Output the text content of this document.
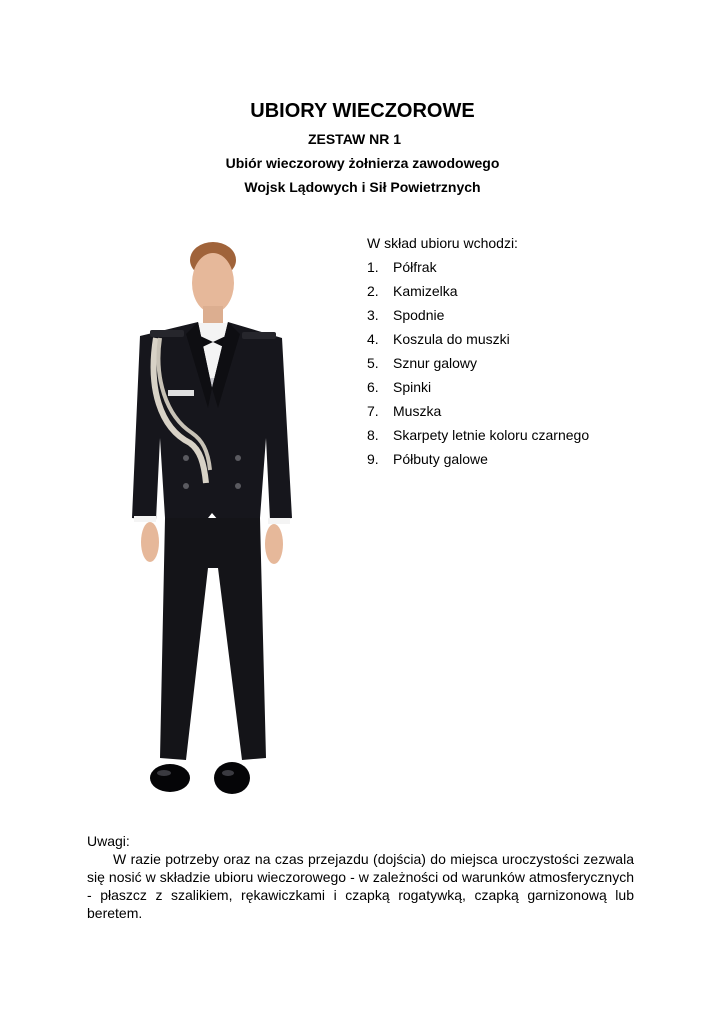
UBIORY WIECZOROWE
ZESTAW NR 1
Ubiór wieczorowy żołnierza zawodowego
Wojsk Lądowych i Sił Powietrznych
W skład ubioru wchodzi:
1.	Półfrak
2.	Kamizelka
3.	Spodnie
4.	Koszula do muszki
5.	Sznur galowy
6.	Spinki
7.	Muszka
8.	Skarpety letnie koloru czarnego
9.	Półbuty galowe
Uwagi:

W razie potrzeby oraz na czas przejazdu (dojścia) do miejsca uroczystości zezwala się nosić w składzie ubioru wieczorowego - w zależności od warunków atmosferycznych - płaszcz z szalikiem, rękawiczkami i czapką rogatywką, czapką garnizonową lub beretem.
